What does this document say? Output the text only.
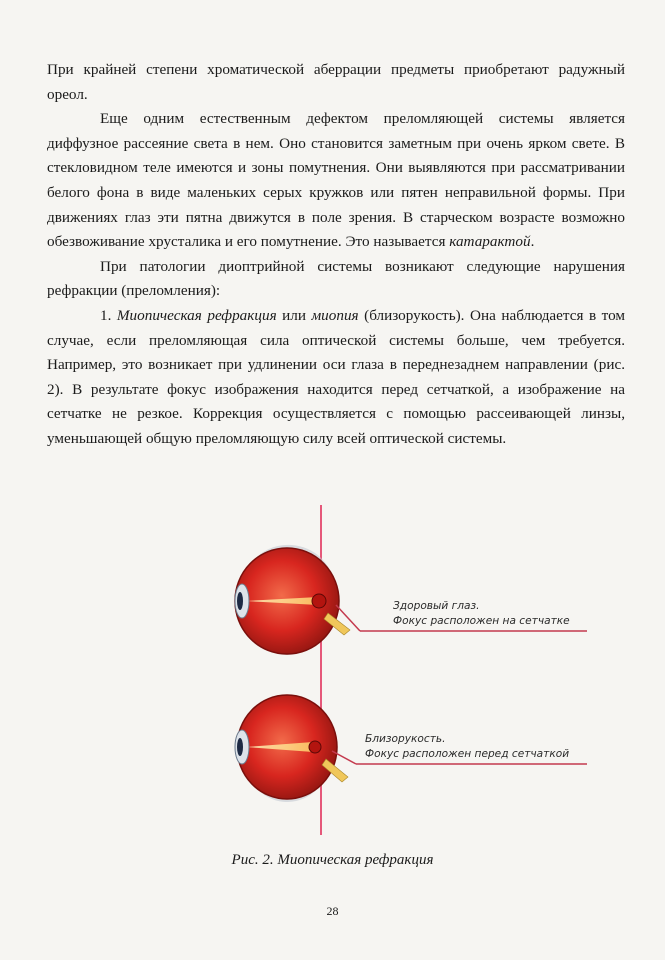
При крайней степени хроматической аберрации предметы приобретают радужный ореол.

Еще одним естественным дефектом преломляющей системы является диффузное рассеяние света в нем. Оно становится заметным при очень ярком свете. В стекловидном теле имеются и зоны помутнения. Они выявляются при рассматривании белого фона в виде маленьких серых кружков или пятен неправильной формы. При движениях глаз эти пятна движутся в поле зрения. В старческом возрасте возможно обезвоживание хрусталика и его помутнение. Это называется катарактой.

При патологии диоптрийной системы возникают следующие нарушения рефракции (преломления):

1. Миопическая рефракция или миопия (близорукость). Она наблюдается в том случае, если преломляющая сила оптической системы больше, чем требуется. Например, это возникает при удлинении оси глаза в переднезаднем направлении (рис. 2). В результате фокус изображения находится перед сетчаткой, а изображение на сетчатке не резкое. Коррекция осуществляется с помощью рассеивающей линзы, уменьшающей общую преломляющую силу всей оптической системы.

Здоровый глаз.
Фокус расположен на сетчатке
Близорукость.
Фокус расположен перед сетчаткой
Рис. 2. Миопическая рефракция
28
